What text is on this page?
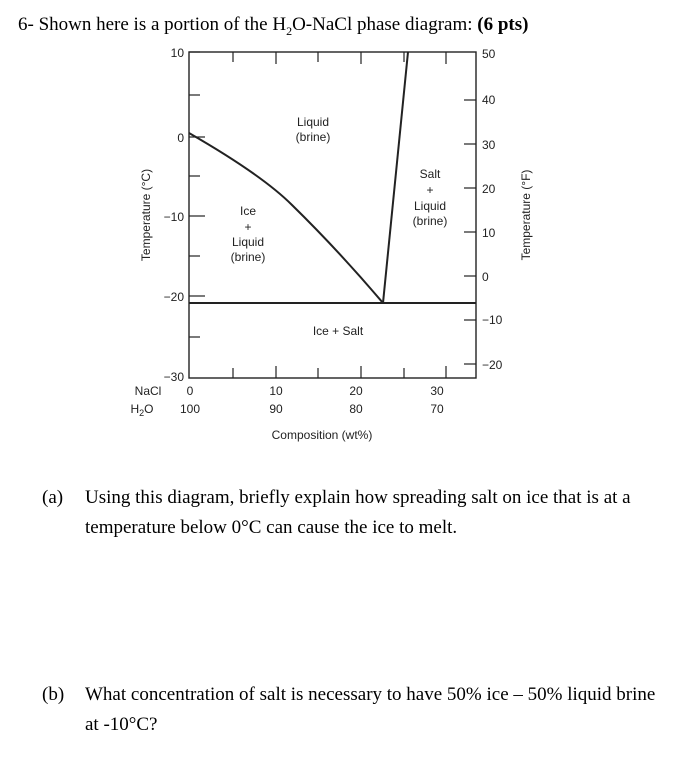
6- Shown here is a portion of the $H_2O$-NaCl phase diagram: (6 pts)
10
0
−10
−20
−30
50
40
30
20
10
0
−10
−20
Temperature (°C)	Temperature (°F)
NaCl
$H_2O$
0	10	20	30
100	90	80	70
Composition (wt%)
Liquid
(brine)
Ice
+
Liquid
(brine)
Salt
+
Liquid
(brine)
Ice + Salt
(a) Using this diagram, briefly explain how spreading salt on ice that is at a temperature below 0°C can cause the ice to melt.
(b) What concentration of salt is necessary to have 50% ice – 50% liquid brine at -10°C?
